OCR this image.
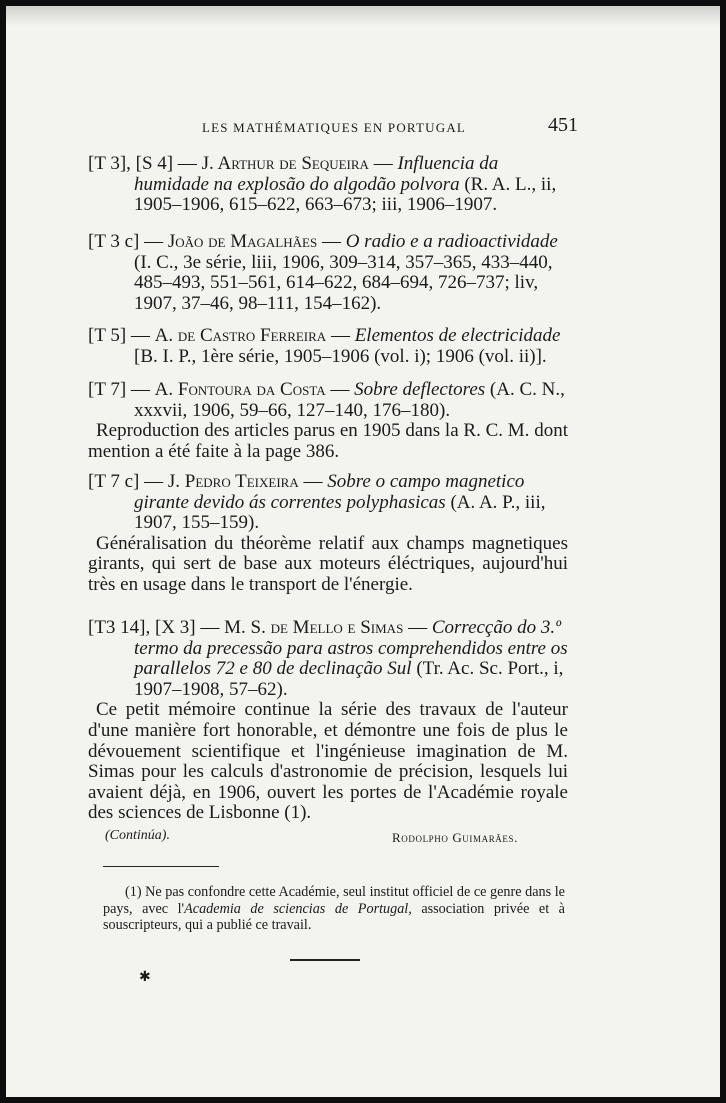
LES MATHÉMATIQUES EN PORTUGAL	451

[T 3], [S 4] — J. Arthur de Sequeira — Influencia da humidade na explosão do algodão polvora (R. A. L., ii, 1905–1906, 615–622, 663–673; iii, 1906–1907.

[T 3 c] — João de Magalhães — O radio e a radioactividade (I. C., 3e série, liii, 1906, 309–314, 357–365, 433–440, 485–493, 551–561, 614–622, 684–694, 726–737; liv, 1907, 37–46, 98–111, 154–162).

[T 5] — A. de Castro Ferreira — Elementos de electricidade [B. I. P., 1ère série, 1905–1906 (vol. i); 1906 (vol. ii)].

[T 7] — A. Fontoura da Costa — Sobre deflectores (A. C. N., xxxvii, 1906, 59–66, 127–140, 176–180).

Reproduction des articles parus en 1905 dans la R. C. M. dont mention a été faite à la page 386.

[T 7 c] — J. Pedro Teixeira — Sobre o campo magnetico girante devido ás correntes polyphasicas (A. A. P., iii, 1907, 155–159).

Généralisation du théorème relatif aux champs magnetiques girants, qui sert de base aux moteurs éléctriques, aujourd'hui très en usage dans le transport de l'énergie.

[T3 14], [X 3] — M. S. de Mello e Simas — Correcção do 3.º termo da precessão para astros comprehendidos entre os parallelos 72 e 80 de declinação Sul (Tr. Ac. Sc. Port., i, 1907–1908, 57–62).

Ce petit mémoire continue la série des travaux de l'auteur d'une manière fort honorable, et démontre une fois de plus le dévouement scientifique et l'ingénieuse imagination de M. Simas pour les calculs d'astronomie de précision, lesquels lui avaient déjà, en 1906, ouvert les portes de l'Académie royale des sciences de Lisbonne (1).

(Continúa).	Rodolpho Guimarães.
(1) Ne pas confondre cette Académie, seul institut officiel de ce genre dans le pays, avec l'Academia de sciencias de Portugal, association privée et à souscripteurs, qui a publié ce travail.
✱
